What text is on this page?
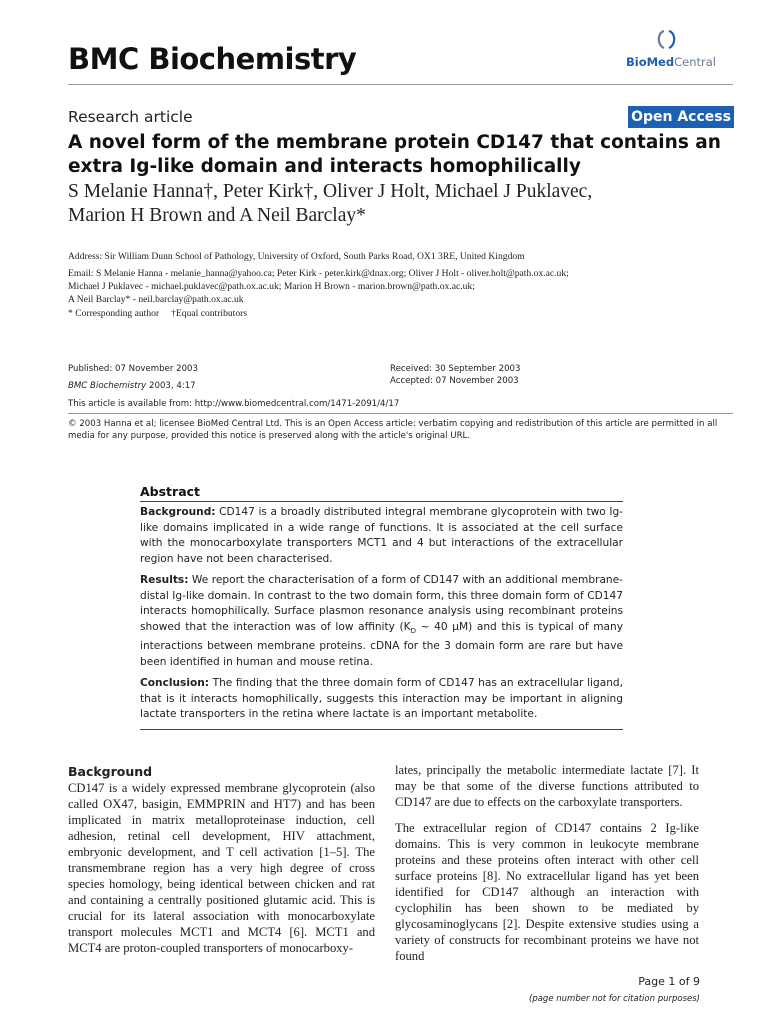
BMC Biochemistry	BioMedCentral
Research article	Open Access
A novel form of the membrane protein CD147 that contains an extra Ig-like domain and interacts homophilically
S Melanie Hanna†, Peter Kirk†, Oliver J Holt, Michael J Puklavec,
Marion H Brown and A Neil Barclay*
Address: Sir William Dunn School of Pathology, University of Oxford, South Parks Road, OX1 3RE, United Kingdom
Email: S Melanie Hanna - melanie_hanna@yahoo.ca; Peter Kirk - peter.kirk@dnax.org; Oliver J Holt - oliver.holt@path.ox.ac.uk;
Michael J Puklavec - michael.puklavec@path.ox.ac.uk; Marion H Brown - marion.brown@path.ox.ac.uk;
A Neil Barclay* - neil.barclay@path.ox.ac.uk
* Corresponding author     †Equal contributors
Published: 07 November 2003
BMC Biochemistry 2003, 4:17
Received: 30 September 2003
Accepted: 07 November 2003
This article is available from: http://www.biomedcentral.com/1471-2091/4/17
© 2003 Hanna et al; licensee BioMed Central Ltd. This is an Open Access article: verbatim copying and redistribution of this article are permitted in all media for any purpose, provided this notice is preserved along with the article's original URL.
Abstract

Background: CD147 is a broadly distributed integral membrane glycoprotein with two Ig-like domains implicated in a wide range of functions. It is associated at the cell surface with the monocarboxylate transporters MCT1 and 4 but interactions of the extracellular region have not been characterised.

Results: We report the characterisation of a form of CD147 with an additional membrane-distal Ig-like domain. In contrast to the two domain form, this three domain form of CD147 interacts homophilically. Surface plasmon resonance analysis using recombinant proteins showed that the interaction was of low affinity ($K_D$ ~ 40 µM) and this is typical of many interactions between membrane proteins. cDNA for the 3 domain form are rare but have been identified in human and mouse retina.

Conclusion: The finding that the three domain form of CD147 has an extracellular ligand, that is it interacts homophilically, suggests this interaction may be important in aligning lactate transporters in the retina where lactate is an important metabolite.

Background

CD147 is a widely expressed membrane glycoprotein (also called OX47, basigin, EMMPRIN and HT7) and has been implicated in matrix metalloproteinase induction, cell adhesion, retinal cell development, HIV attachment, embryonic development, and T cell activation [1–5]. The transmembrane region has a very high degree of cross species homology, being identical between chicken and rat and containing a centrally positioned glutamic acid. This is crucial for its lateral association with monocarboxylate transport molecules MCT1 and MCT4 [6]. MCT1 and MCT4 are proton-coupled transporters of monocarboxy-

lates, principally the metabolic intermediate lactate [7]. It may be that some of the diverse functions attributed to CD147 are due to effects on the carboxylate transporters.

The extracellular region of CD147 contains 2 Ig-like domains. This is very common in leukocyte membrane proteins and these proteins often interact with other cell surface proteins [8]. No extracellular ligand has yet been identified for CD147 although an interaction with cyclophilin has been shown to be mediated by glycosaminoglycans [2]. Despite extensive studies using a variety of constructs for recombinant proteins we have not found

Page 1 of 9
(page number not for citation purposes)
